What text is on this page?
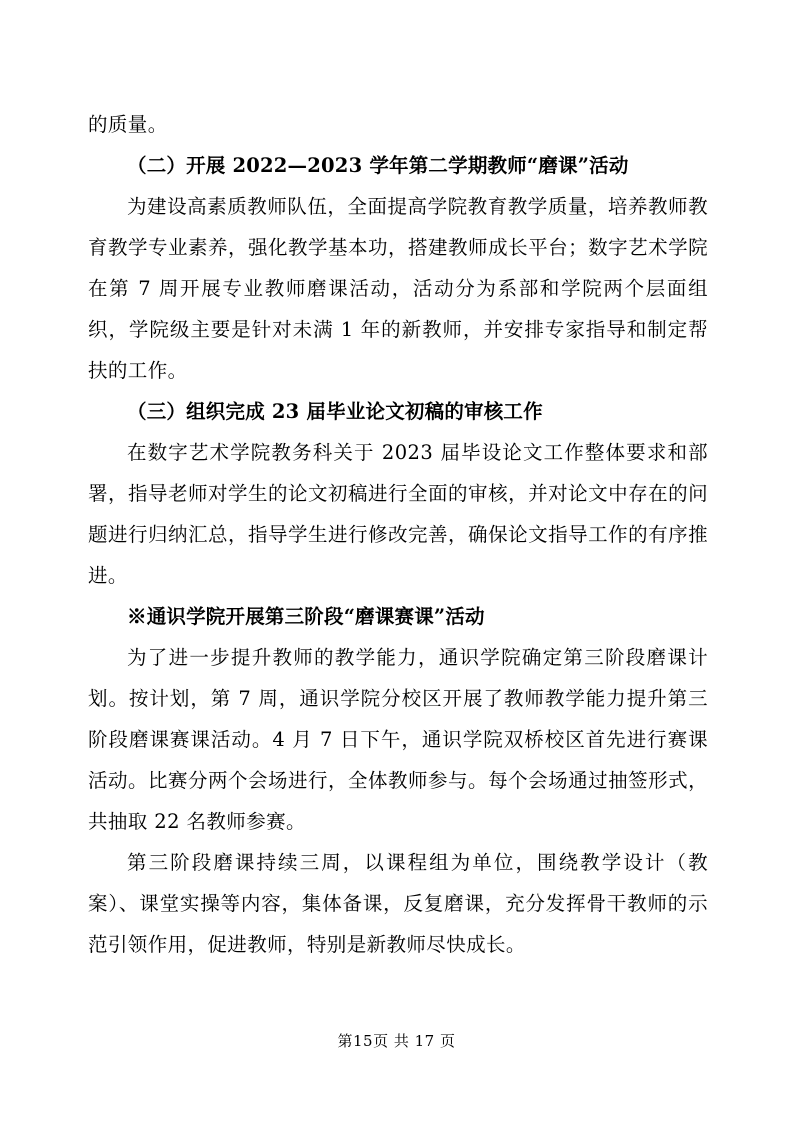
的质量。

（二）开展 2022—2023 学年第二学期教师“磨课”活动

为建设高素质教师队伍，全面提高学院教育教学质量，培养教师教育教学专业素养，强化教学基本功，搭建教师成长平台；数字艺术学院在第 7 周开展专业教师磨课活动，活动分为系部和学院两个层面组织，学院级主要是针对未满 1 年的新教师，并安排专家指导和制定帮扶的工作。

（三）组织完成 23 届毕业论文初稿的审核工作

在数字艺术学院教务科关于 2023 届毕设论文工作整体要求和部署，指导老师对学生的论文初稿进行全面的审核，并对论文中存在的问题进行归纳汇总，指导学生进行修改完善，确保论文指导工作的有序推进。

※通识学院开展第三阶段“磨课赛课”活动

为了进一步提升教师的教学能力，通识学院确定第三阶段磨课计划。按计划，第 7 周，通识学院分校区开展了教师教学能力提升第三阶段磨课赛课活动。4 月 7 日下午，通识学院双桥校区首先进行赛课活动。比赛分两个会场进行，全体教师参与。每个会场通过抽签形式，共抽取 22 名教师参赛。

第三阶段磨课持续三周，以课程组为单位，围绕教学设计（教案）、课堂实操等内容，集体备课，反复磨课，充分发挥骨干教师的示范引领作用，促进教师，特别是新教师尽快成长。

第15页 共 17 页
